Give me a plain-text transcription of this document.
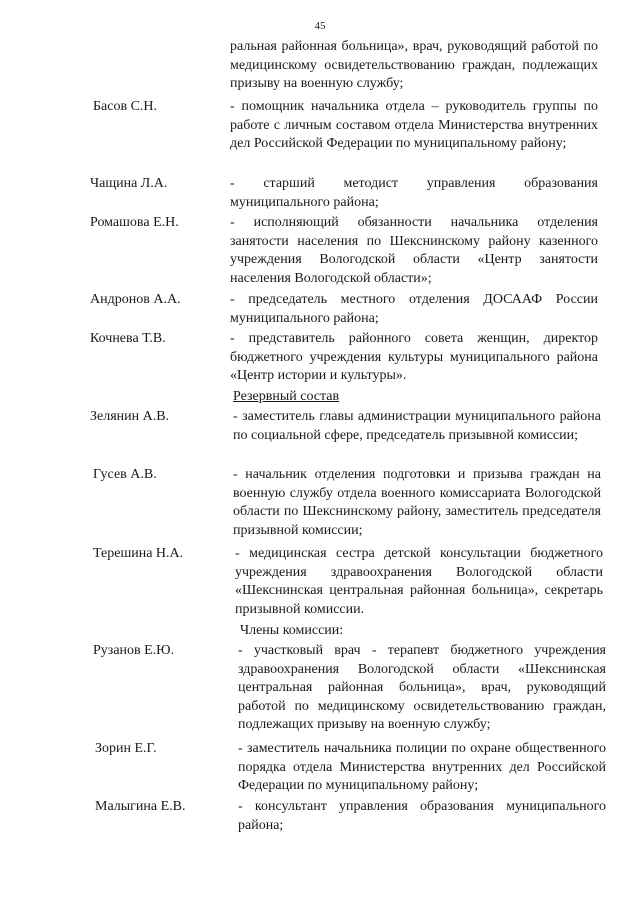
45
ральная районная больница», врач, руководящий работой по медицинскому освидетельствованию граждан, подлежащих призыву на военную службу;
Басов С.Н.	- помощник начальника отдела – руководитель группы по работе с личным составом отдела Министерства внутренних дел Российской Федерации по муниципальному району;
Чащина Л.А.	- старший методист управления образования муниципального района;
Ромашова Е.Н.	- исполняющий обязанности начальника отделения занятости населения по Шекснинскому району казенного учреждения Вологодской области «Центр занятости населения Вологодской области»;
Андронов А.А.	- председатель местного отделения ДОСААФ России муниципального района;
Кочнева Т.В.	- представитель районного совета женщин, директор бюджетного учреждения культуры муниципального района «Центр истории и культуры».
Резервный состав
Зелянин А.В.	- заместитель главы администрации муниципального района по социальной сфере, председатель призывной комиссии;
Гусев А.В.	- начальник отделения подготовки и призыва граждан на военную службу отдела военного комиссариата Вологодской области по Шекснинскому району, заместитель председателя призывной комиссии;
Терешина Н.А.	- медицинская сестра детской консультации бюджетного учреждения здравоохранения Вологодской области «Шекснинская центральная районная больница», секретарь призывной комиссии.
Члены комиссии:
Рузанов Е.Ю.	- участковый врач - терапевт бюджетного учреждения здравоохранения Вологодской области «Шекснинская центральная районная больница», врач, руководящий работой по медицинскому освидетельствованию граждан, подлежащих призыву на военную службу;
Зорин Е.Г.	- заместитель начальника полиции по охране общественного порядка отдела Министерства внутренних дел Российской Федерации по муниципальному району;
Малыгина Е.В.	- консультант управления образования муниципального района;
